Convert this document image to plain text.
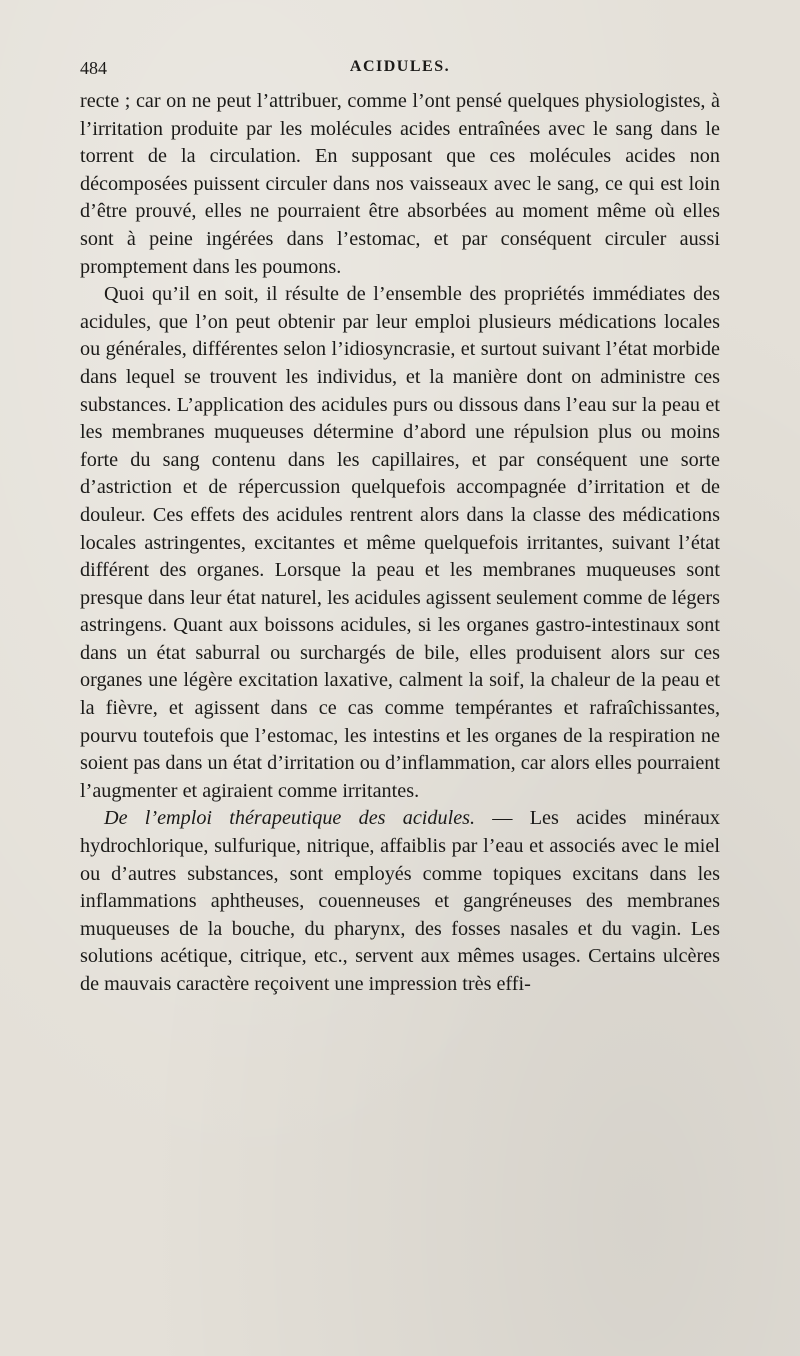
484	ACIDULES.

recte ; car on ne peut l’attribuer, comme l’ont pensé quelques physiologistes, à l’irritation produite par les molécules acides entraînées avec le sang dans le torrent de la circulation. En supposant que ces molécules acides non décomposées puissent circuler dans nos vaisseaux avec le sang, ce qui est loin d’être prouvé, elles ne pourraient être absorbées au moment même où elles sont à peine ingérées dans l’estomac, et par conséquent circuler aussi promptement dans les poumons.

Quoi qu’il en soit, il résulte de l’ensemble des propriétés immédiates des acidules, que l’on peut obtenir par leur emploi plusieurs médications locales ou générales, différentes selon l’idiosyncrasie, et surtout suivant l’état morbide dans lequel se trouvent les individus, et la manière dont on administre ces substances. L’application des acidules purs ou dissous dans l’eau sur la peau et les membranes muqueuses détermine d’abord une répulsion plus ou moins forte du sang contenu dans les capillaires, et par conséquent une sorte d’astriction et de répercussion quelquefois accompagnée d’irritation et de douleur. Ces effets des acidules rentrent alors dans la classe des médications locales astringentes, excitantes et même quelquefois irritantes, suivant l’état différent des organes. Lorsque la peau et les membranes muqueuses sont presque dans leur état naturel, les acidules agissent seulement comme de légers astringens. Quant aux boissons acidules, si les organes gastro-intestinaux sont dans un état saburral ou surchargés de bile, elles produisent alors sur ces organes une légère excitation laxative, calment la soif, la chaleur de la peau et la fièvre, et agissent dans ce cas comme tempérantes et rafraîchissantes, pourvu toutefois que l’estomac, les intestins et les organes de la respiration ne soient pas dans un état d’irritation ou d’inflammation, car alors elles pourraient l’augmenter et agiraient comme irritantes.

De l’emploi thérapeutique des acidules. — Les acides minéraux hydrochlorique, sulfurique, nitrique, affaiblis par l’eau et associés avec le miel ou d’autres substances, sont employés comme topiques excitans dans les inflammations aphtheuses, couenneuses et gangréneuses des membranes muqueuses de la bouche, du pharynx, des fosses nasales et du vagin. Les solutions acétique, citrique, etc., servent aux mêmes usages. Certains ulcères de mauvais caractère reçoivent une impression très effi-
